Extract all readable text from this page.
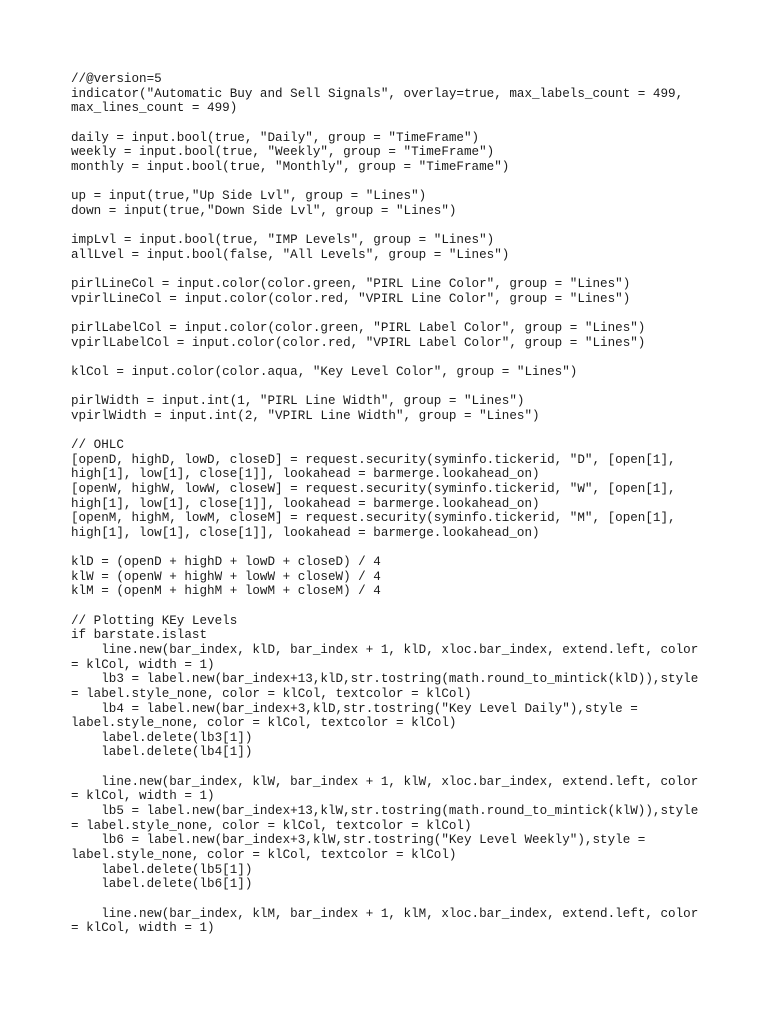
//@version=5
indicator("Automatic Buy and Sell Signals", overlay=true, max_labels_count = 499,
max_lines_count = 499)
daily = input.bool(true, "Daily", group = "TimeFrame")
weekly = input.bool(true, "Weekly", group = "TimeFrame")
monthly = input.bool(true, "Monthly", group = "TimeFrame")
up = input(true,"Up Side Lvl", group = "Lines")
down = input(true,"Down Side Lvl", group = "Lines")
impLvl = input.bool(true, "IMP Levels", group = "Lines")
allLvel = input.bool(false, "All Levels", group = "Lines")
pirlLineCol = input.color(color.green, "PIRL Line Color", group = "Lines")
vpirlLineCol = input.color(color.red, "VPIRL Line Color", group = "Lines")
pirlLabelCol = input.color(color.green, "PIRL Label Color", group = "Lines")
vpirlLabelCol = input.color(color.red, "VPIRL Label Color", group = "Lines")
klCol = input.color(color.aqua, "Key Level Color", group = "Lines")
pirlWidth = input.int(1, "PIRL Line Width", group = "Lines")
vpirlWidth = input.int(2, "VPIRL Line Width", group = "Lines")
// OHLC
[openD, highD, lowD, closeD] = request.security(syminfo.tickerid, "D", [open[1],
high[1], low[1], close[1]], lookahead = barmerge.lookahead_on)
[openW, highW, lowW, closeW] = request.security(syminfo.tickerid, "W", [open[1],
high[1], low[1], close[1]], lookahead = barmerge.lookahead_on)
[openM, highM, lowM, closeM] = request.security(syminfo.tickerid, "M", [open[1],
high[1], low[1], close[1]], lookahead = barmerge.lookahead_on)
klD = (openD + highD + lowD + closeD) / 4
klW = (openW + highW + lowW + closeW) / 4
klM = (openM + highM + lowM + closeM) / 4
// Plotting KEy Levels
if barstate.islast
line.new(bar_index, klD, bar_index + 1, klD, xloc.bar_index, extend.left, color
= klCol, width = 1)
lb3 = label.new(bar_index+13,klD,str.tostring(math.round_to_mintick(klD)),style
= label.style_none, color = klCol, textcolor = klCol)
lb4 = label.new(bar_index+3,klD,str.tostring("Key Level Daily"),style =
label.style_none, color = klCol, textcolor = klCol)
label.delete(lb3[1])
label.delete(lb4[1])
line.new(bar_index, klW, bar_index + 1, klW, xloc.bar_index, extend.left, color
= klCol, width = 1)
lb5 = label.new(bar_index+13,klW,str.tostring(math.round_to_mintick(klW)),style
= label.style_none, color = klCol, textcolor = klCol)
lb6 = label.new(bar_index+3,klW,str.tostring("Key Level Weekly"),style =
label.style_none, color = klCol, textcolor = klCol)
label.delete(lb5[1])
label.delete(lb6[1])
line.new(bar_index, klM, bar_index + 1, klM, xloc.bar_index, extend.left, color
= klCol, width = 1)
